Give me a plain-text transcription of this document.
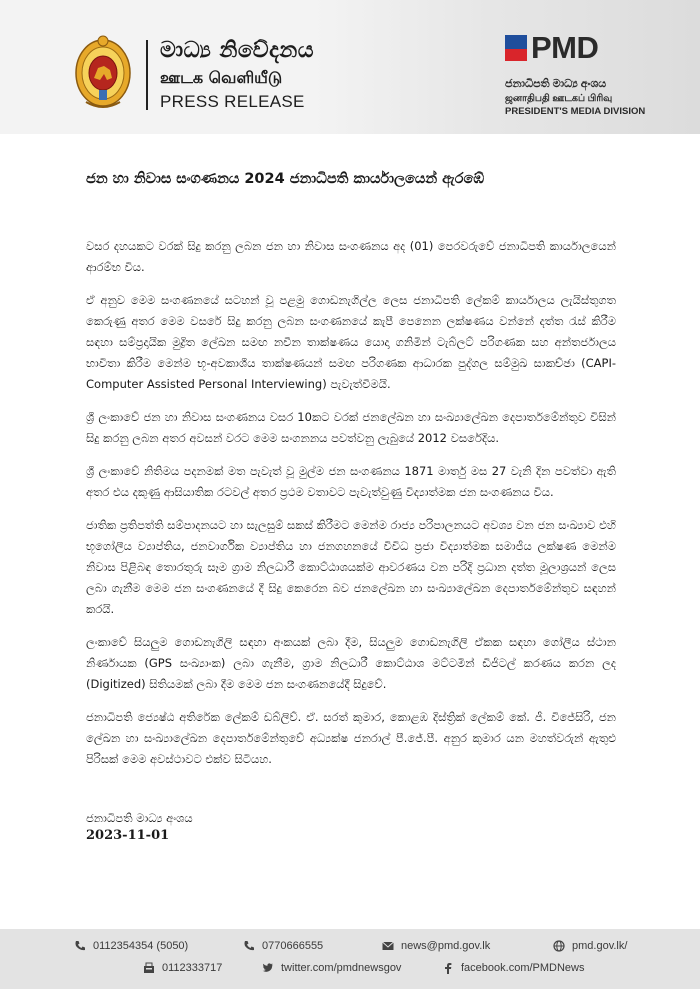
මාධ්‍ය නිවේදනය
ஊடக வெளியீடு
PRESS RELEASE
PMD
ජනාධිපති මාධ්‍ය අංශය
ஜனாதிபதி ஊடகப் பிரிவு
PRESIDENT'S MEDIA DIVISION
ජන හා නිවාස සංගණනය 2024 ජනාධිපති කාර්යාලයෙන් ඇරඹේ

වසර දහයකට වරක් සිදු කරනු ලබන ජන හා නිවාස සංගණනය අද (01) පෙරවරුවේ ජනාධිපති කාර්යාලයෙන් ආරම්භ විය.

ඒ අනුව මෙම සංගණනයේ සටහන් වූ පළමු ගොඩනැගිල්ල ලෙස ජනාධිපති ලේකම් කාර්යාලය ලැයිස්තුගත කෙරුණු අතර මෙම වසරේ සිදු කරනු ලබන සංගණනයේ කැපී පෙනෙන ලක්ෂණය වන්නේ දත්ත රැස් කිරීම සඳහා සම්ප්‍රදායික මුද්‍රිත ලේඛන සමඟ නවීන තාක්ෂණය යොදා ගනිමින් ටැබ්ලට් පරිගණක සහ අන්තර්ජාලය භාවිතා කිරීම මෙන්ම භූ-අවකාශීය තාක්ෂණයන් සමඟ පරිගණක ආධාරක පුද්ගල සම්මුඛ සාකච්ඡා (CAPI- Computer Assisted Personal Interviewing) පැවැත්වීමයි.

ශ්‍රී ලංකාවේ ජන හා නිවාස සංගණනය වසර 10කට වරක් ජනලේඛන හා සංඛ්‍යාලේඛන දෙපාර්තමේන්තුව විසින් සිදු කරනු ලබන අතර අවසන් වරට මෙම සංගනනය පවත්වනු ලැබුයේ 2012 වසරේදිය.

ශ්‍රී ලංකාවේ නිතිමය පදනමක් මත පැවැත් වූ මුල්ම ජන සංගණනය 1871 මාර්තු මස 27 වැනි දින පවත්වා ඇති අතර එය දකුණු ආසියාතික රටවල් අතර ප්‍රථම වතාවට පැවැත්වුණු විද්‍යාත්මක ජන සංගණනය විය.

ජාතික ප්‍රතිපත්ති සම්පාදනයට හා සැලසුම් සකස් කිරීමට මෙන්ම රාජ්‍ය පරිපාලනයට අවශ්‍ය වන ජන සංඛ්‍යාව එහි භූගෝලීය ව්‍යාප්තිය, ජනවාර්ගික ව්‍යාප්තිය හා ජනගහනයේ විවිධ ප්‍රජා විද්‍යාත්මක සමාජීය ලක්ෂණ මෙන්ම නිවාස පිළිබඳ තොරතුරු සෑම ග්‍රාම නිලධාරී කොට්ඨාශයක්ම ආවරණය වන පරිදි ප්‍රධාන දත්ත මූලාශ්‍රයන් ලෙස ලබා ගැනීම මෙම ජන සංගණනයේ දී සිදු කෙරෙන බව ජනලේඛන හා සංඛ්‍යාලේඛන දෙපාර්තමේන්තුව සඳහන් කරයි.

ලංකාවේ සියලුම ගොඩනැගිලි සඳහා අංකයක් ලබා දීම, සියලුම ගොඩනැගිලි ඒකක සඳහා ගෝලීය ස්ථාන නිර්ණායක (GPS සංඛ්‍යාංක) ලබා ගැනීම, ග්‍රාම නිලධාරී කොට්ඨාශ මට්ටමින් ඩිජිටල් කරණය කරන ලද (Digitized) සිතියමක් ලබා දීම මෙම ජන සංගණනයේදී සිදුවේ.

ජනාධිපති ජ්‍යෙෂ්ඨ අතිරේක ලේකම් ඩබ්ලිව්. ඒ. සරත් කුමාර, කොළඹ දිස්ත්‍රික් ලේකම් කේ. ජී. විජේසිරි, ජන ලේඛන හා සංඛ්‍යාලේඛන දෙපාර්තමේන්තුවේ අධ්‍යක්ෂ ජනරාල් පී.ජේ.පී. අනුර කුමාර යන මහත්වරුන් ඇතුළු පිරිසක් මෙම අවස්ථාවට එක්ව සිටියහ.

ජනාධිපති මාධ්‍ය අංශය
2023-11-01
0112354354 (5050)	0770666555	news@pmd.gov.lk	pmd.gov.lk/
0112333717	twitter.com/pmdnewsgov	facebook.com/PMDNews
